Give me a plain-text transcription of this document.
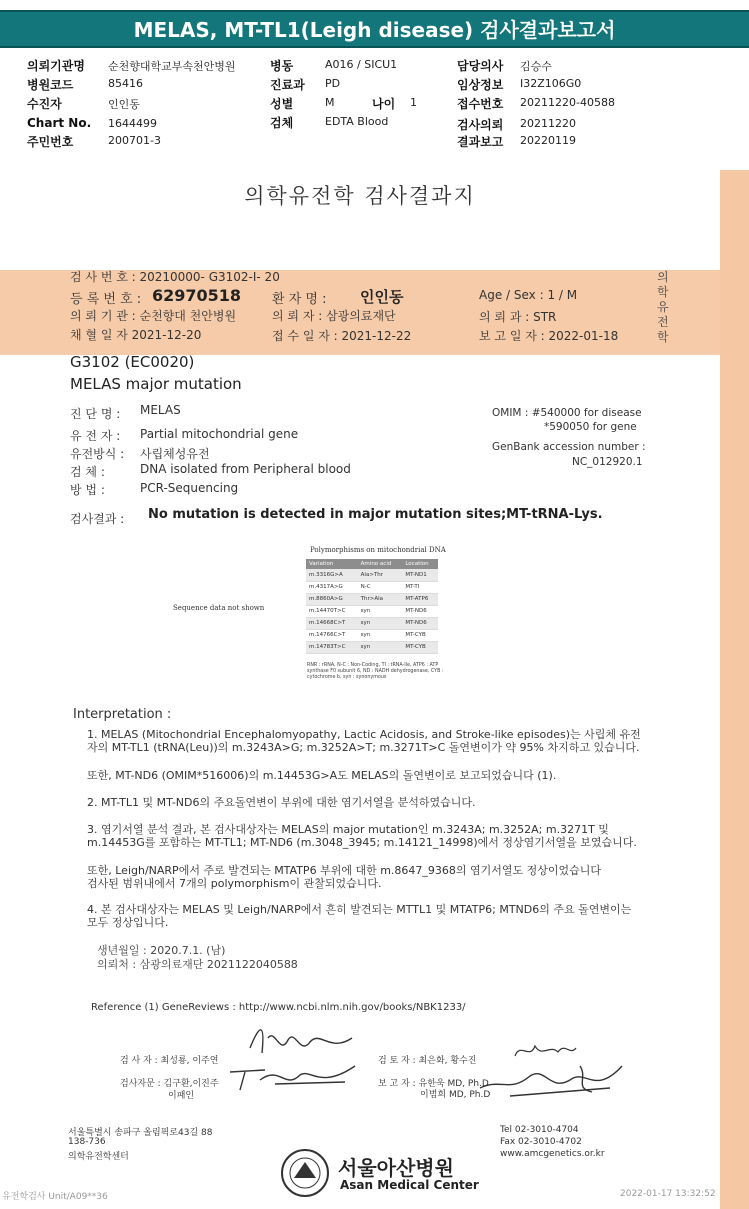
MELAS, MT-TL1(Leigh disease) 검사결과보고서
의뢰기관명 순천향대학교부속천안병원
병원코드	85416
수진자	인인동
Chart No. 1644499
주민번호	200701-3
병동	A016 / SICU1
진료과 PD
성별	M	나이 1
검체	EDTA Blood
담당의사 김승수
임상정보 I32Z106G0
접수번호 20211220-40588
검사의뢰 20211220
결과보고 20220119
의학유전학 검사결과지
의학유전학
검 사 번 호 : 20210000- G3102-I- 20
등 록 번 호 : 62970518 환 자 명 : 인인동	Age / Sex : 1 / M
의 뢰 기 관 : 순천향대 천안병원	의 뢰 자 : 삼광의료재단	의 뢰 과 : STR
채 혈 일 자 2021-12-20	접 수 일 자 : 2021-12-22	보 고 일 자 : 2022-01-18
G3102 (EC0020)
MELAS major mutation
진 단 명 : MELAS
유 전 자 : Partial mitochondrial gene
유전방식 : 사립체성유전
검 체 :	DNA isolated from Peripheral blood
방 법 :	PCR-Sequencing
OMIM : #540000 for disease
*590050 for gene
GenBank accession number :
NC_012920.1
검사결과 : No mutation is detected in major mutation sites;MT-tRNA-Lys.
Sequence data not shown
Polymorphisms on mitochondrial DNA
Variation	Amino acid	Location
m.3316G>A	Ala>Thr	MT-ND1
m.4317A>G	N-C	MT-TI
m.8860A>G	Thr>Ala	MT-ATP6
m.14470T>C	syn	MT-ND6
m.14668C>T	syn	MT-ND6
m.14766C>T	syn	MT-CYB
m.14783T>C	syn	MT-CYB
RNR : rRNA, N-C : Non-Coding, TI : tRNA-Ile, ATP6 : ATP synthase F0 subunit 6, ND : NADH dehydrogenase, CYB : cytochrome b, syn : synonymous
Interpretation :
1. MELAS (Mitochondrial Encephalomyopathy, Lactic Acidosis, and Stroke-like episodes)는 사립체 유전자의 MT-TL1 (tRNA(Leu))의 m.3243A>G; m.3252A>T; m.3271T>C 돌연변이가 약 95% 차지하고 있습니다.
또한, MT-ND6 (OMIM*516006)의 m.14453G>A도 MELAS의 돌연변이로 보고되었습니다 (1).
2. MT-TL1 및 MT-ND6의 주요돌연변이 부위에 대한 염기서열을 분석하였습니다.
3. 염기서열 분석 결과, 본 검사대상자는 MELAS의 major mutation인 m.3243A; m.3252A; m.3271T 및 m.14453G를 포함하는 MT-TL1; MT-ND6 (m.3048_3945; m.14121_14998)에서 정상염기서열을 보였습니다.
또한, Leigh/NARP에서 주로 발견되는 MTATP6 부위에 대한 m.8647_9368의 염기서열도 정상이었습니다
검사된 범위내에서 7개의 polymorphism이 관찰되었습니다.
4. 본 검사대상자는 MELAS 및 Leigh/NARP에서 흔히 발견되는 MTTL1 및 MTATP6; MTND6의 주요 돌연변이는 모두 정상입니다.
생년월일 : 2020.7.1. (남)
의뢰처 : 삼광의료재단 2021122040588
Reference (1) GeneReviews : http://www.ncbi.nlm.nih.gov/books/NBK1233/
검 사 자 : 최성룡, 이주연	검 토 자 : 최은화, 황수진
검사자문 : 김구환,이진주
이패인
보 고 자 : 유한욱 MD, Ph.D
이범희 MD, Ph.D
서울특별시 송파구 올림픽로43길 88
138-736
의학유전학센터
Tel 02-3010-4704
Fax 02-3010-4702
www.amcgenetics.or.kr
서울아산병원
Asan Medical Center
유전학검사 Unit/A09**36	2022-01-17 13:32:52
